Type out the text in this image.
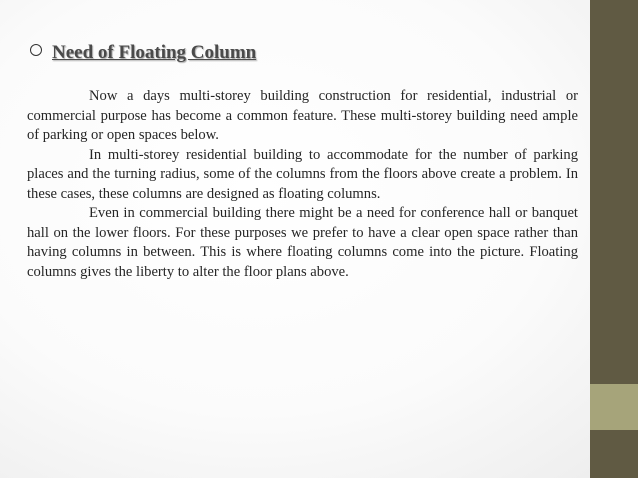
Need of Floating Column

Now a days multi-storey building construction for residential, industrial or commercial purpose has become a common feature. These multi-storey building need ample of parking or open spaces below.

In multi-storey residential building to accommodate for the number of parking places and the turning radius, some of the columns from the floors above create a problem. In these cases, these columns are designed as floating columns.

Even in commercial building there might be a need for conference hall or banquet hall on the lower floors. For these purposes we prefer to have a clear open space rather than having columns in between. This is where floating columns come into the picture. Floating columns gives the liberty to alter the floor plans above.
